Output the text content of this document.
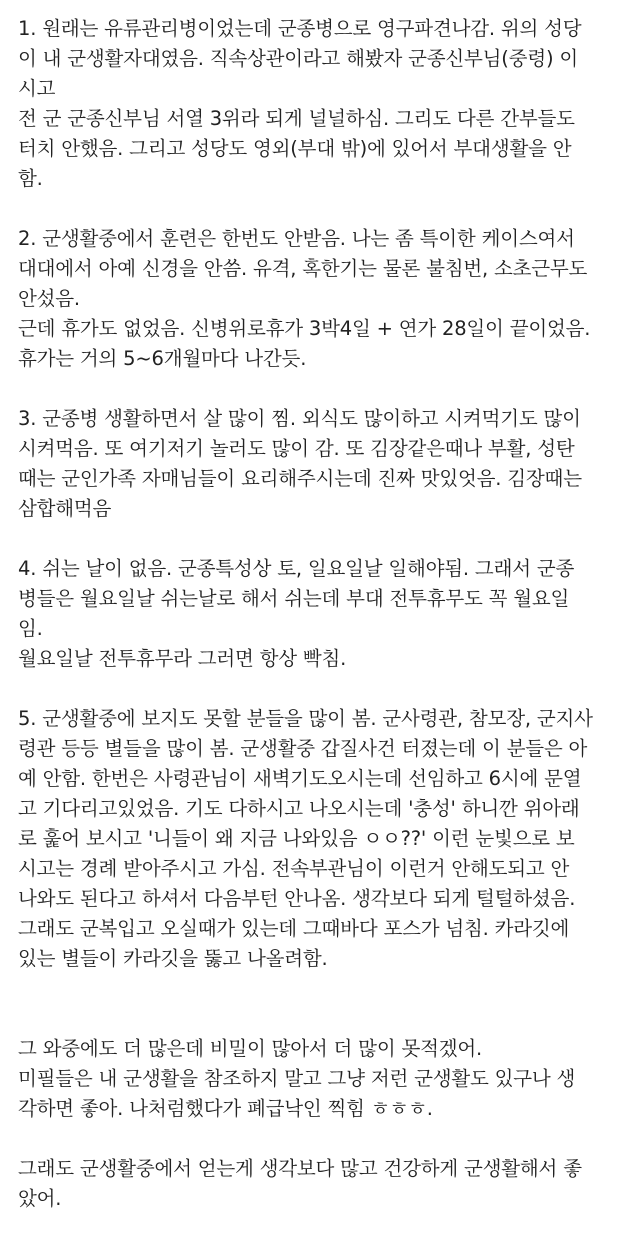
1. 원래는 유류관리병이었는데 군종병으로 영구파견나감. 위의 성당
이 내 군생활자대였음. 직속상관이라고 해봤자 군종신부님(중령) 이
시고
전 군 군종신부님 서열 3위라 되게 널널하심. 그리도 다른 간부들도
터치 안했음. 그리고 성당도 영외(부대 밖)에 있어서 부대생활을 안
함.
2. 군생활중에서 훈련은 한번도 안받음. 나는 좀 특이한 케이스여서
대대에서 아예 신경을 안씀. 유격, 혹한기는 물론 불침번, 소초근무도
안섰음.
근데 휴가도 없었음. 신병위로휴가 3박4일 + 연가 28일이 끝이었음.
휴가는 거의 5~6개월마다 나간듯.
3. 군종병 생활하면서 살 많이 찜. 외식도 많이하고 시켜먹기도 많이
시켜먹음. 또 여기저기 놀러도 많이 감. 또 김장같은때나 부활, 성탄
때는 군인가족 자매님들이 요리해주시는데 진짜 맛있엇음. 김장때는
삼합해먹음
4. 쉬는 날이 없음. 군종특성상 토, 일요일날 일해야됨. 그래서 군종
병들은 월요일날 쉬는날로 해서 쉬는데 부대 전투휴무도 꼭 월요일
임.
월요일날 전투휴무라 그러면 항상 빡침.
5. 군생활중에 보지도 못할 분들을 많이 봄. 군사령관, 참모장, 군지사
령관 등등 별들을 많이 봄. 군생활중 갑질사건 터졌는데 이 분들은 아
예 안함. 한번은 사령관님이 새벽기도오시는데 선임하고 6시에 문열
고 기다리고있었음. 기도 다하시고 나오시는데 '충성' 하니깐 위아래
로 훑어 보시고 '니들이 왜 지금 나와있음 ㅇㅇ??' 이런 눈빛으로 보
시고는 경례 받아주시고 가심. 전속부관님이 이런거 안해도되고 안
나와도 된다고 하셔서 다음부턴 안나옴. 생각보다 되게 털털하셨음.
그래도 군복입고 오실때가 있는데 그때바다 포스가 넘침. 카라깃에
있는 별들이 카라깃을 뚫고 나올려함.
그 와중에도 더 많은데 비밀이 많아서 더 많이 못적겠어.
미필들은 내 군생활을 참조하지 말고 그냥 저런 군생활도 있구나 생
각하면 좋아. 나처럼했다가 폐급낙인 찍힘 ㅎㅎㅎ.
그래도 군생활중에서 얻는게 생각보다 많고 건강하게 군생활해서 좋
았어.
